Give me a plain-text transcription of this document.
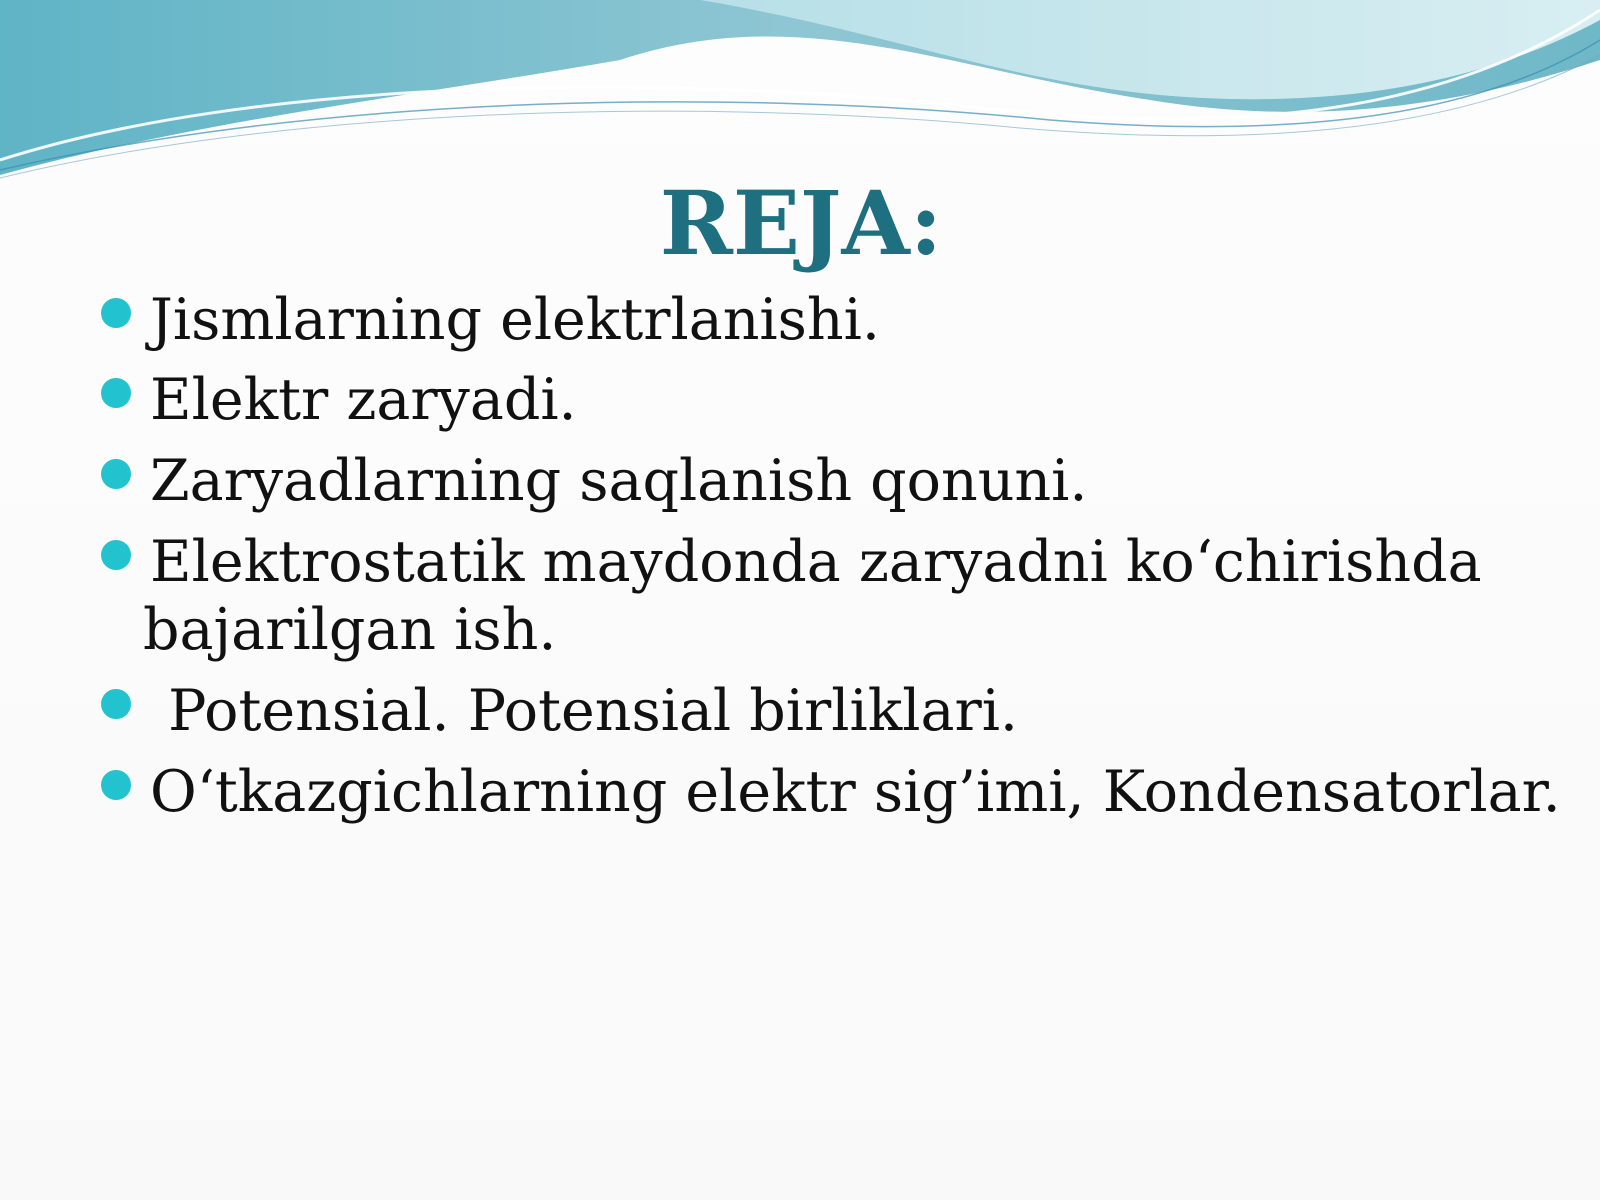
REJA:
Jismlarning elektrlanishi.
Elektr zaryadi.
Zaryadlarning saqlanish qonuni.
Elektrostatik maydonda zaryadni koʻchirishda
bajarilgan ish.
Potensial. Potensial birliklari.
Oʻtkazgichlarning elektr sig’imi, Kondensatorlar.
